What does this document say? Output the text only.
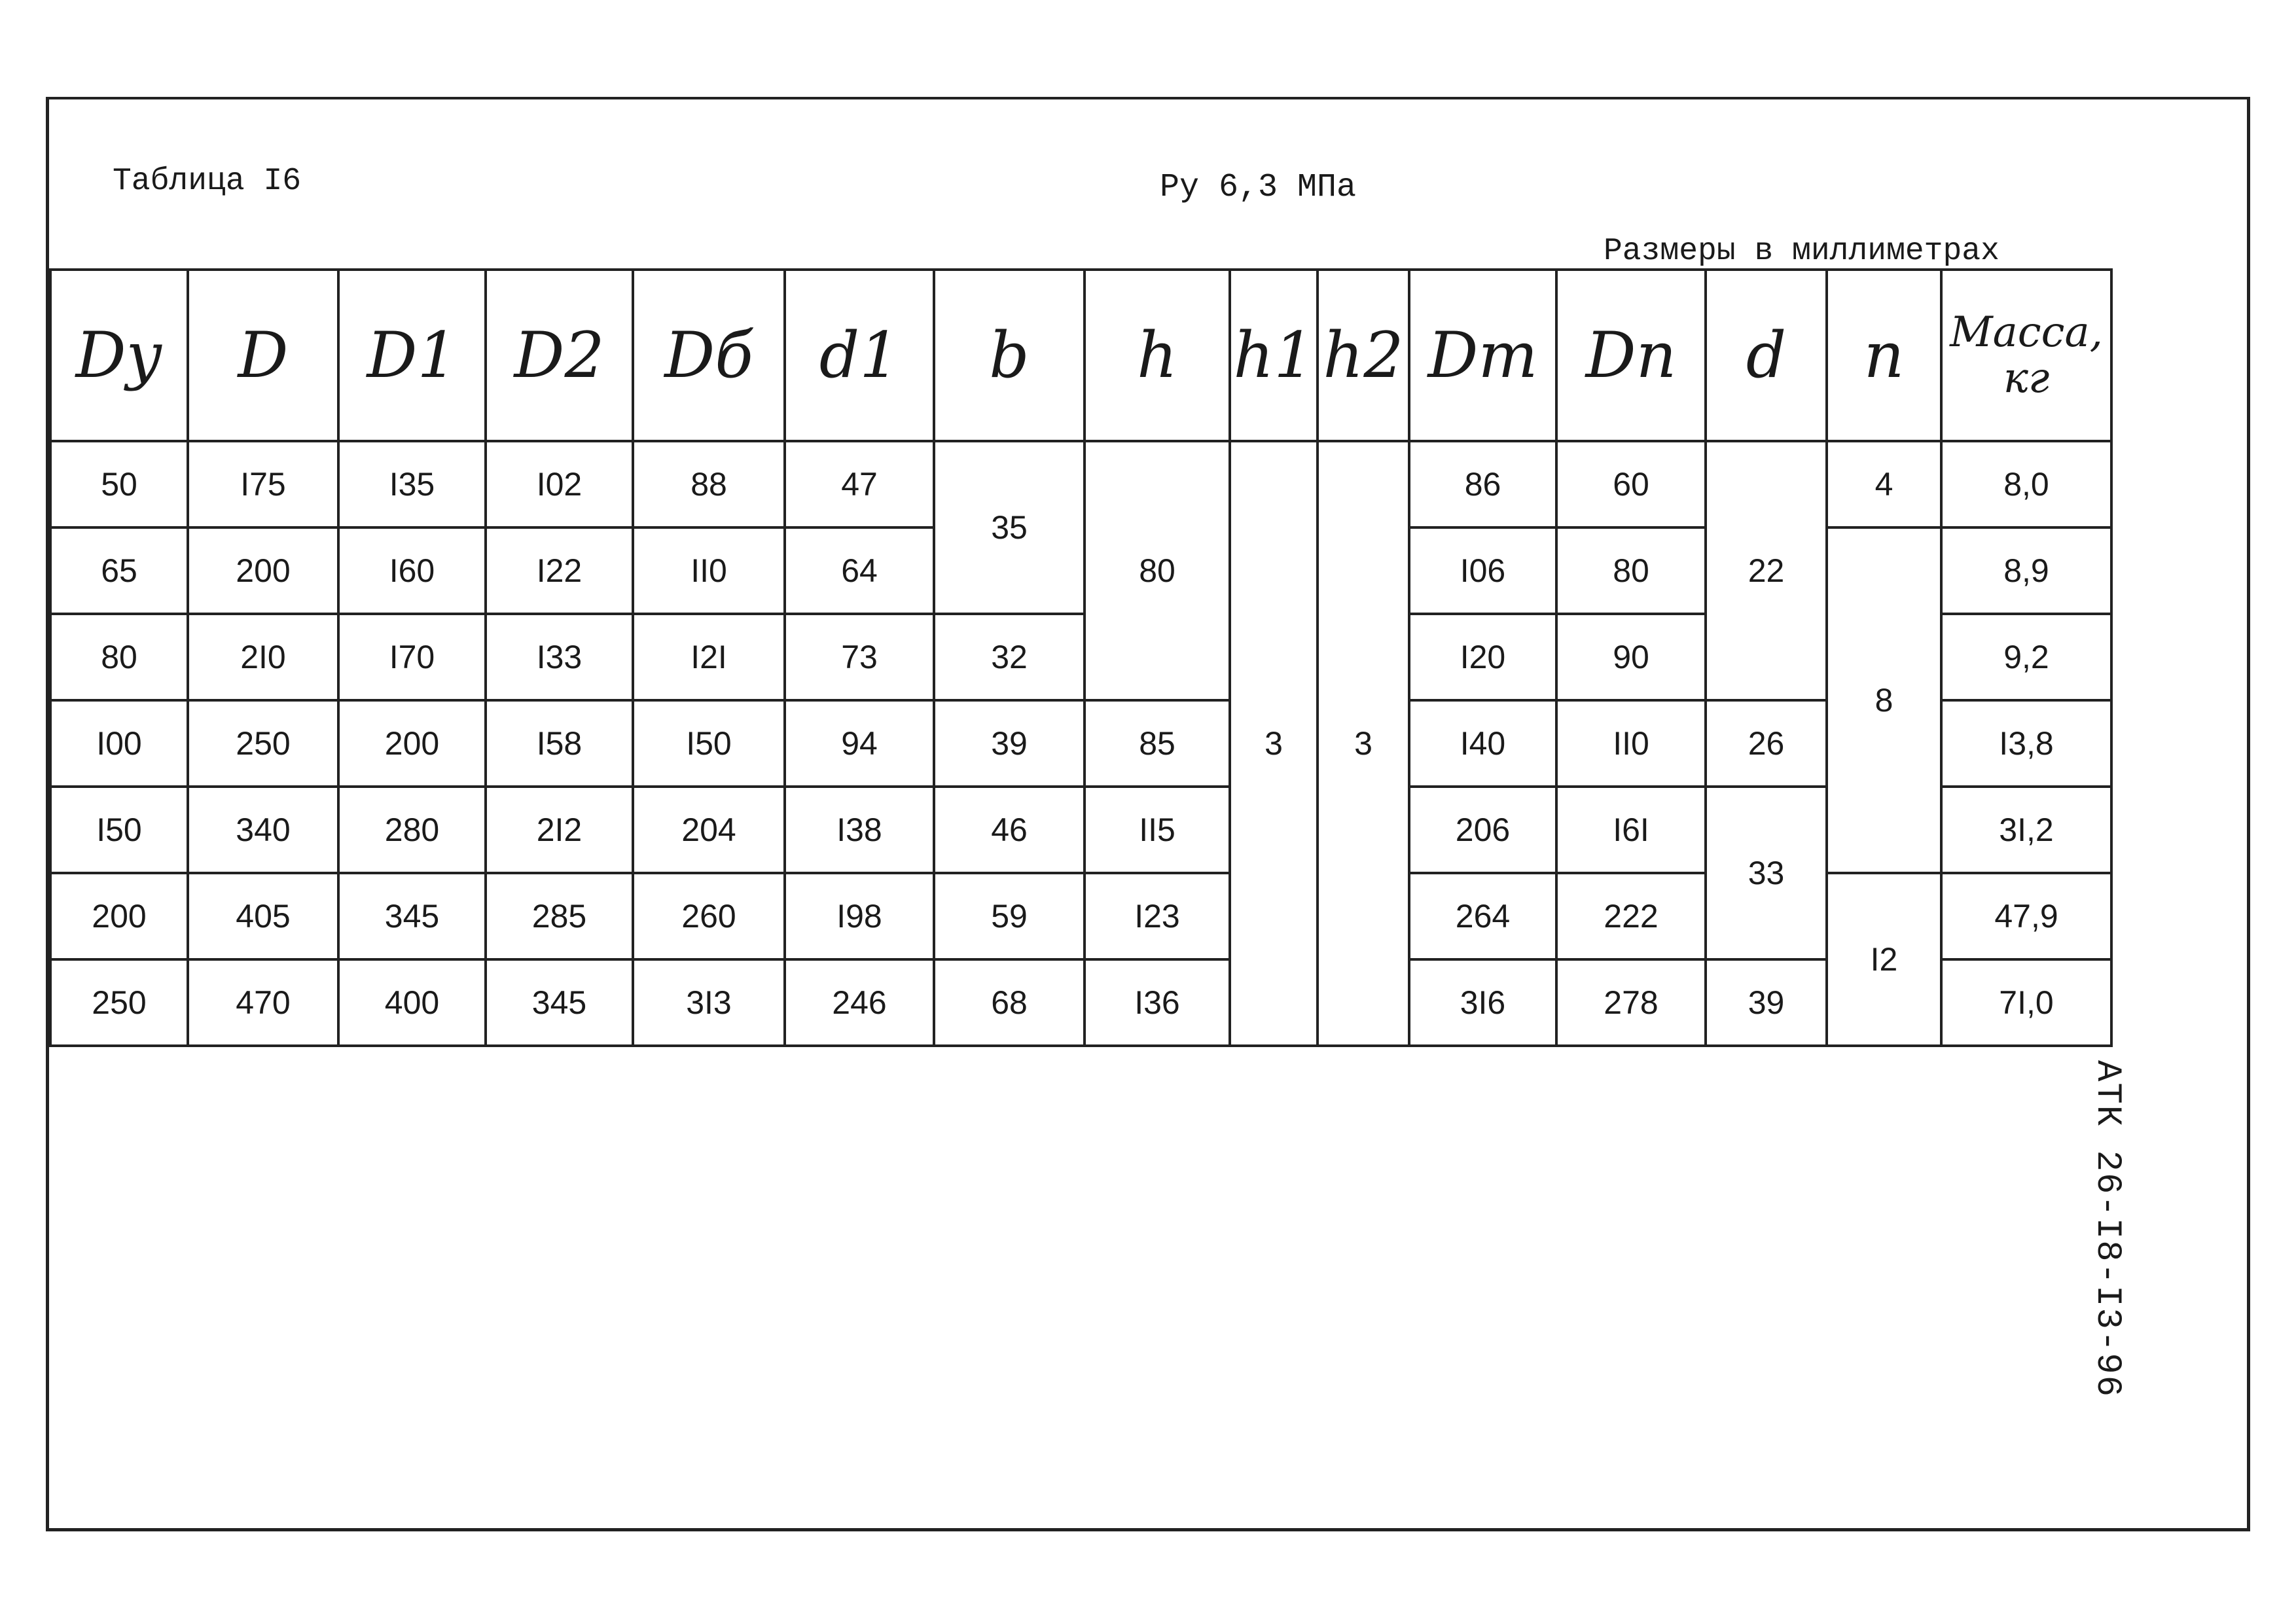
Таблица I6	Ру 6,3 МПа
Размеры в миллиметрах
АТК 26-I8-I3-96
Dу	D	D1	D2	Dб	d1	b	h	h1	h2	Dm	Dn	d	n	Масса, кг
50	I75	I35	I02	88	47	35	80	3	3	86	60	22	4	8,0
65	200	I60	I22	II0	64					I06	80		8	8,9
80	2I0	I70	I33	I2I	73	32				I20	90			9,2
I00	250	200	I58	I50	94	39	85			I40	II0	26		I3,8
I50	340	280	2I2	204	I38	46	II5			206	I6I	33		3I,2
200	405	345	285	260	I98	59	I23			264	222		I2	47,9
250	470	400	345	3I3	246	68	I36			3I6	278	39		7I,0
